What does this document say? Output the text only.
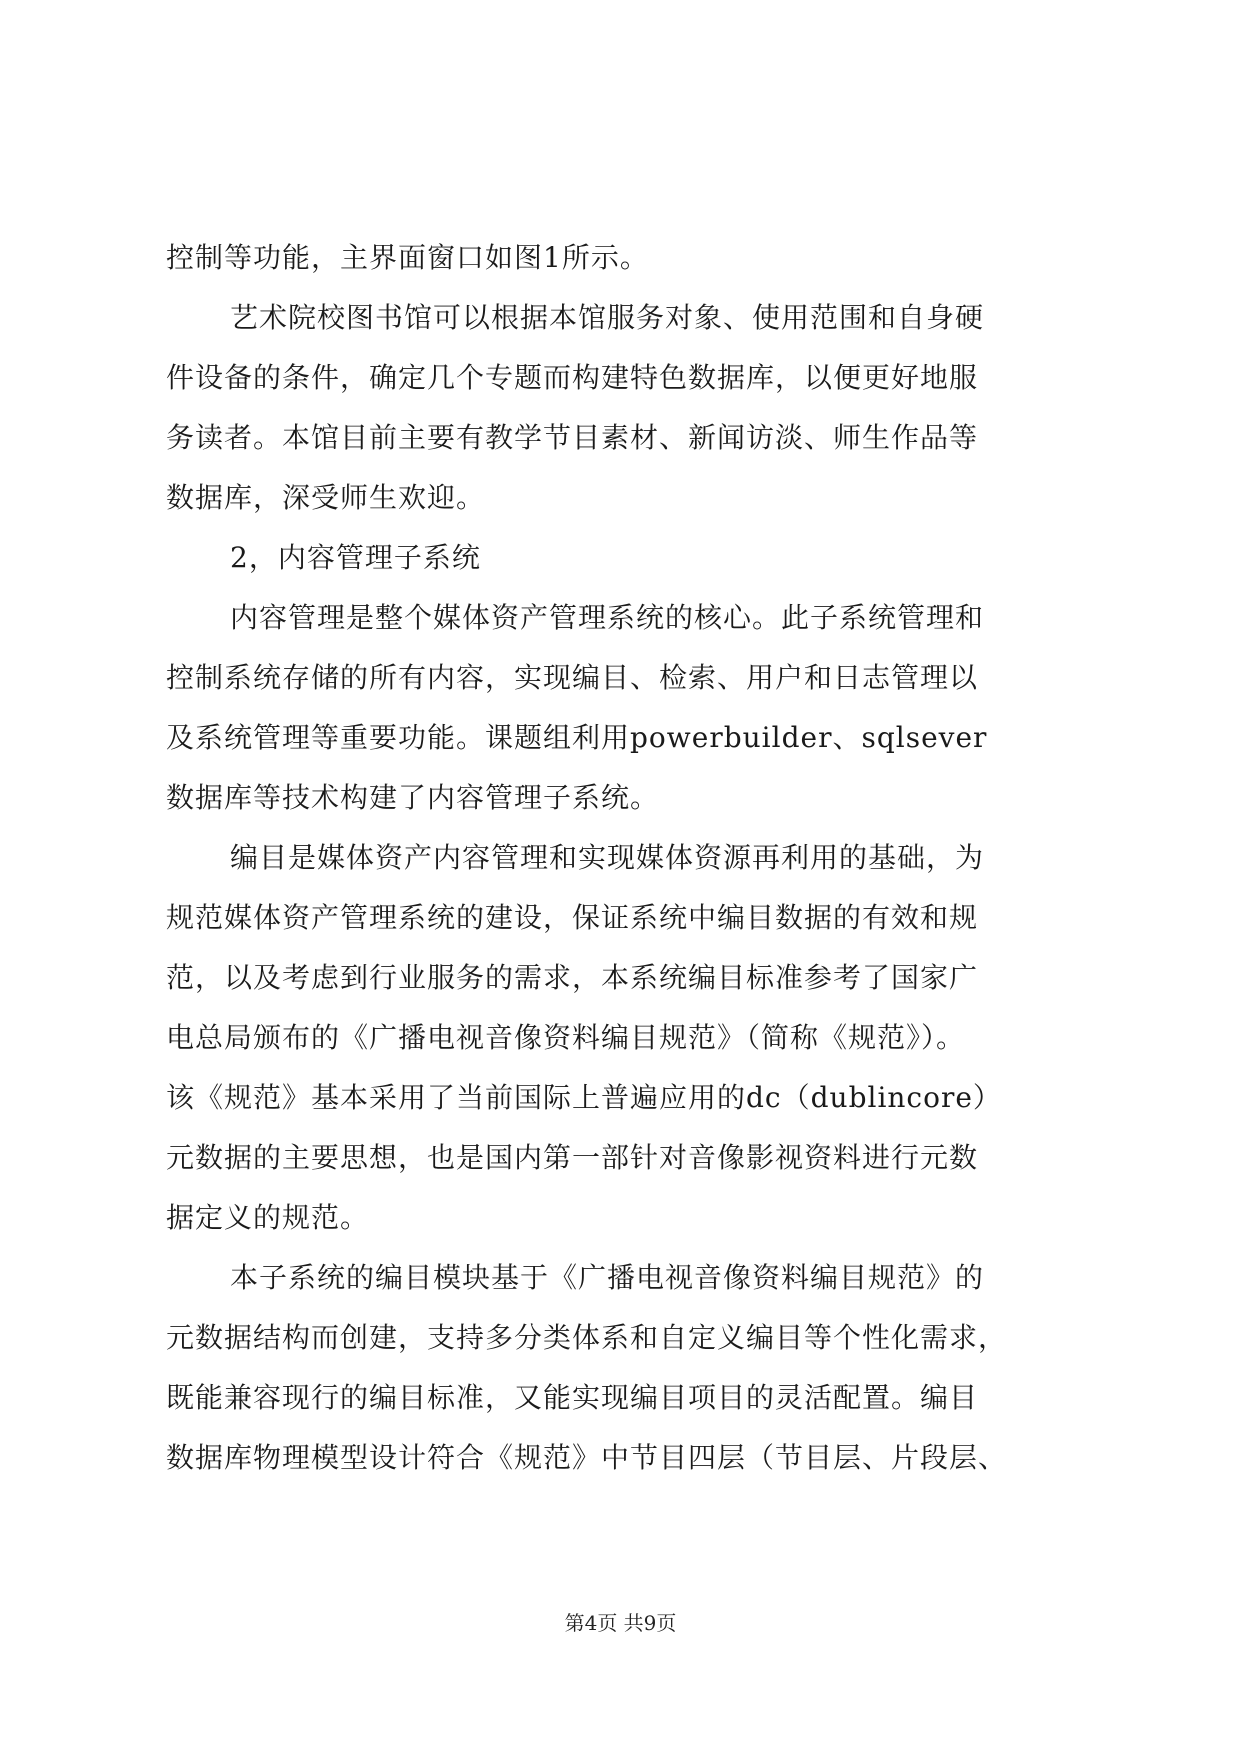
控制等功能，主界面窗口如图1所示。
艺术院校图书馆可以根据本馆服务对象、使用范围和自身硬
件设备的条件，确定几个专题而构建特色数据库，以便更好地服
务读者。本馆目前主要有教学节目素材、新闻访淡、师生作品等
数据库，深受师生欢迎。
2，内容管理子系统
内容管理是整个媒体资产管理系统的核心。此子系统管理和
控制系统存储的所有内容，实现编目、检索、用户和日志管理以
及系统管理等重要功能。课题组利用powerbuilder、sqlsever
数据库等技术构建了内容管理子系统。
编目是媒体资产内容管理和实现媒体资源再利用的基础，为
规范媒体资产管理系统的建设，保证系统中编目数据的有效和规
范，以及考虑到行业服务的需求，本系统编目标准参考了国家广
电总局颁布的《广播电视音像资料编目规范》（简称《规范》）。
该《规范》基本采用了当前国际上普遍应用的dc（dublincore）
元数据的主要思想，也是国内第一部针对音像影视资料进行元数
据定义的规范。
本子系统的编目模块基于《广播电视音像资料编目规范》的
元数据结构而创建，支持多分类体系和自定义编目等个性化需求，
既能兼容现行的编目标准，又能实现编目项目的灵活配置。编目
数据库物理模型设计符合《规范》中节目四层（节目层、片段层、
第4页 共9页
